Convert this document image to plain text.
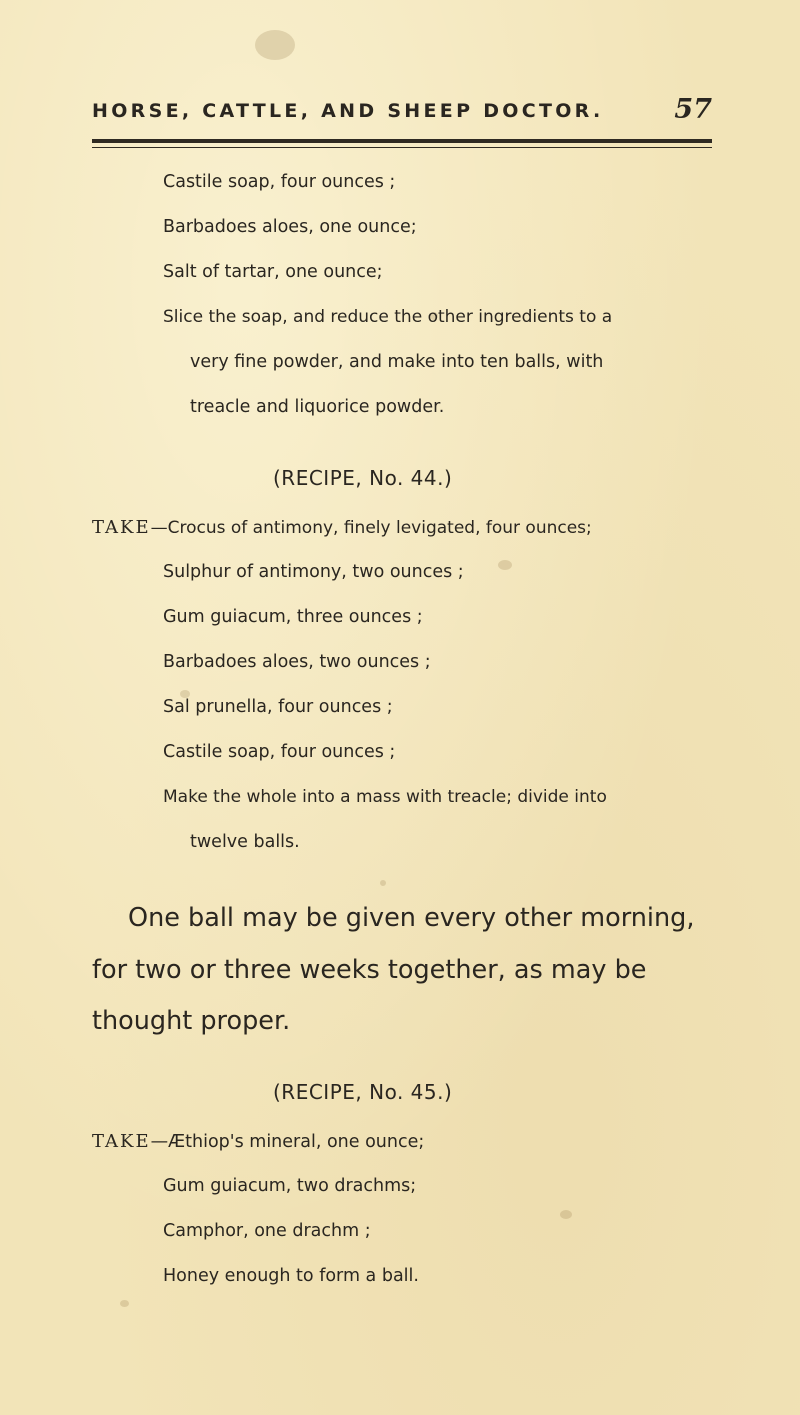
HORSE, CATTLE, AND SHEEP DOCTOR.	57
Castile soap, four ounces ;
Barbadoes aloes, one ounce;
Salt of tartar, one ounce;
Slice the soap, and reduce the other ingredients to a
very fine powder, and make into ten balls, with
treacle and liquorice powder.
(RECIPE, No. 44.)
TAKE—Crocus of antimony, finely levigated, four ounces;
Sulphur of antimony, two ounces ;
Gum guiacum, three ounces ;
Barbadoes aloes, two ounces ;
Sal prunella, four ounces ;
Castile soap, four ounces ;
Make the whole into a mass with treacle; divide into
twelve balls.
One ball may be given every other morning,
for two or three weeks together, as may be
thought proper.
(RECIPE, No. 45.)
TAKE—Æthiop's mineral, one ounce;
Gum guiacum, two drachms;
Camphor, one drachm ;
Honey enough to form a ball.
